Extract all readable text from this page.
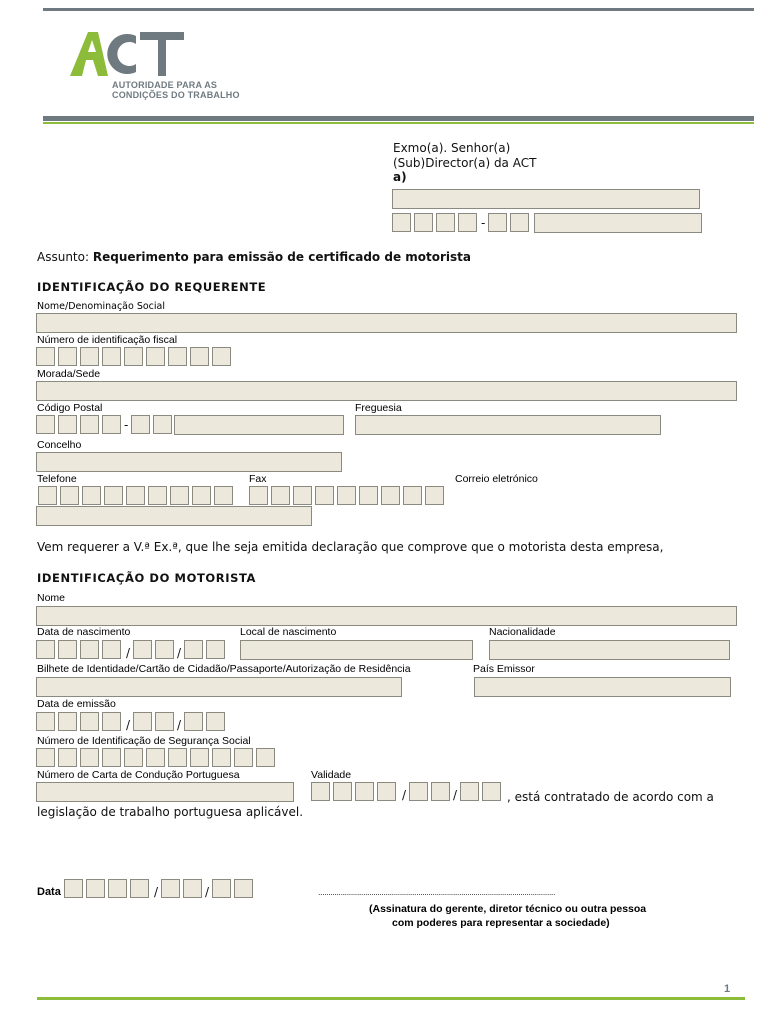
AUTORIDADE PARA AS
CONDIÇÕES DO TRABALHO
Exmo(a). Senhor(a)
(Sub)Director(a) da ACT
a)
-
Assunto: Requerimento para emissão de certificado de motorista
IDENTIFICAÇÃO DO REQUERENTE
Nome/Denominação Social
Número de identificação fiscal
Morada/Sede
Código Postal	Freguesia
-
Concelho
Telefone	Fax	Correio eletrónico
Vem requerer a V.ª Ex.ª, que lhe seja emitida declaração que comprove que o motorista desta empresa,
IDENTIFICAÇÃO DO MOTORISTA
Nome
Data de nascimento	Local de nascimento	Nacionalidade
/	/
Bilhete de Identidade/Cartão de Cidadão/Passaporte/Autorização de Residência	País Emissor
Data de emissão
/	/
Número de Identificação de Segurança Social
Número de Carta de Condução Portuguesa	Validade
/	/	, está contratado de acordo com a
legislação de trabalho portuguesa aplicável.
Data	/	/	....................................................................................................................
(Assinatura do gerente, diretor técnico ou outra pessoa
com poderes para representar a sociedade)
1
